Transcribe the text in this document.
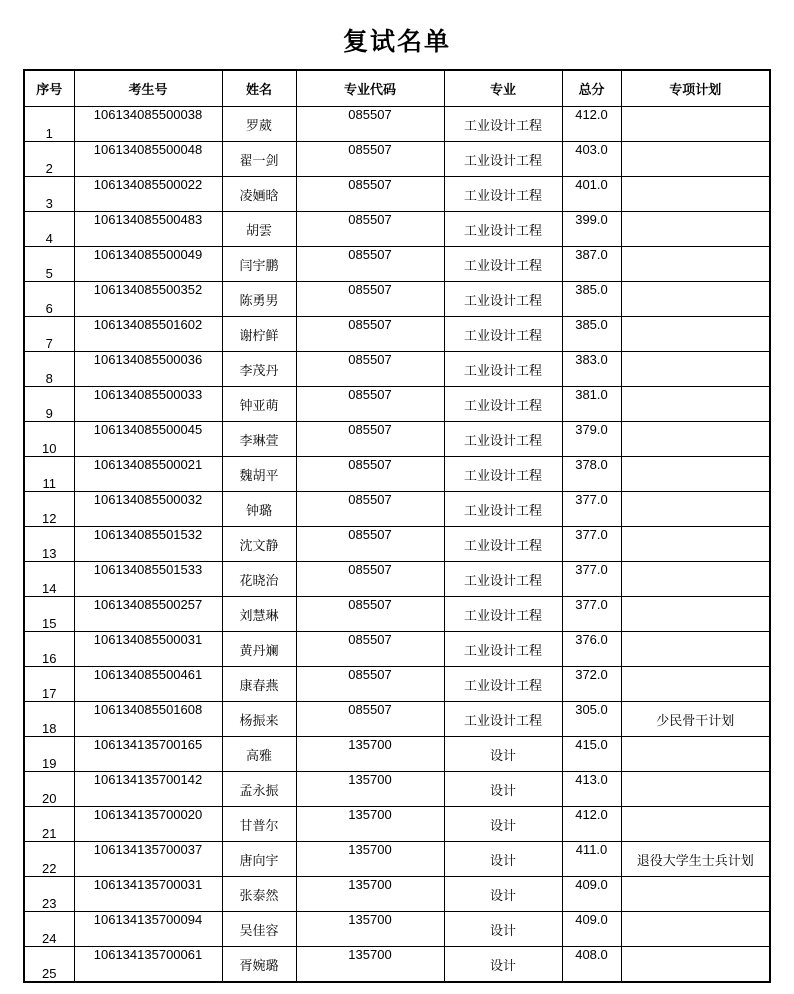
复试名单
序号	考生号	姓名	专业代码	专业	总分	专项计划
1	106134085500038	罗葳	085507	工业设计工程	412.0	
2	106134085500048	翟一剑	085507	工业设计工程	403.0	
3	106134085500022	凌婳晗	085507	工业设计工程	401.0	
4	106134085500483	胡雲	085507	工业设计工程	399.0	
5	106134085500049	闫宇鹏	085507	工业设计工程	387.0	
6	106134085500352	陈勇男	085507	工业设计工程	385.0	
7	106134085501602	谢柠鲜	085507	工业设计工程	385.0	
8	106134085500036	李茂丹	085507	工业设计工程	383.0	
9	106134085500033	钟亚萌	085507	工业设计工程	381.0	
10	106134085500045	李琳萱	085507	工业设计工程	379.0	
11	106134085500021	魏胡平	085507	工业设计工程	378.0	
12	106134085500032	钟璐	085507	工业设计工程	377.0	
13	106134085501532	沈文静	085507	工业设计工程	377.0	
14	106134085501533	花晓治	085507	工业设计工程	377.0	
15	106134085500257	刘慧琳	085507	工业设计工程	377.0	
16	106134085500031	黄丹斓	085507	工业设计工程	376.0	
17	106134085500461	康春燕	085507	工业设计工程	372.0	
18	106134085501608	杨振来	085507	工业设计工程	305.0	少民骨干计划
19	106134135700165	高雅	135700	设计	415.0	
20	106134135700142	孟永振	135700	设计	413.0	
21	106134135700020	甘普尔	135700	设计	412.0	
22	106134135700037	唐向宇	135700	设计	411.0	退役大学生士兵计划
23	106134135700031	张泰然	135700	设计	409.0	
24	106134135700094	吴佳容	135700	设计	409.0	
25	106134135700061	胥婉璐	135700	设计	408.0	
